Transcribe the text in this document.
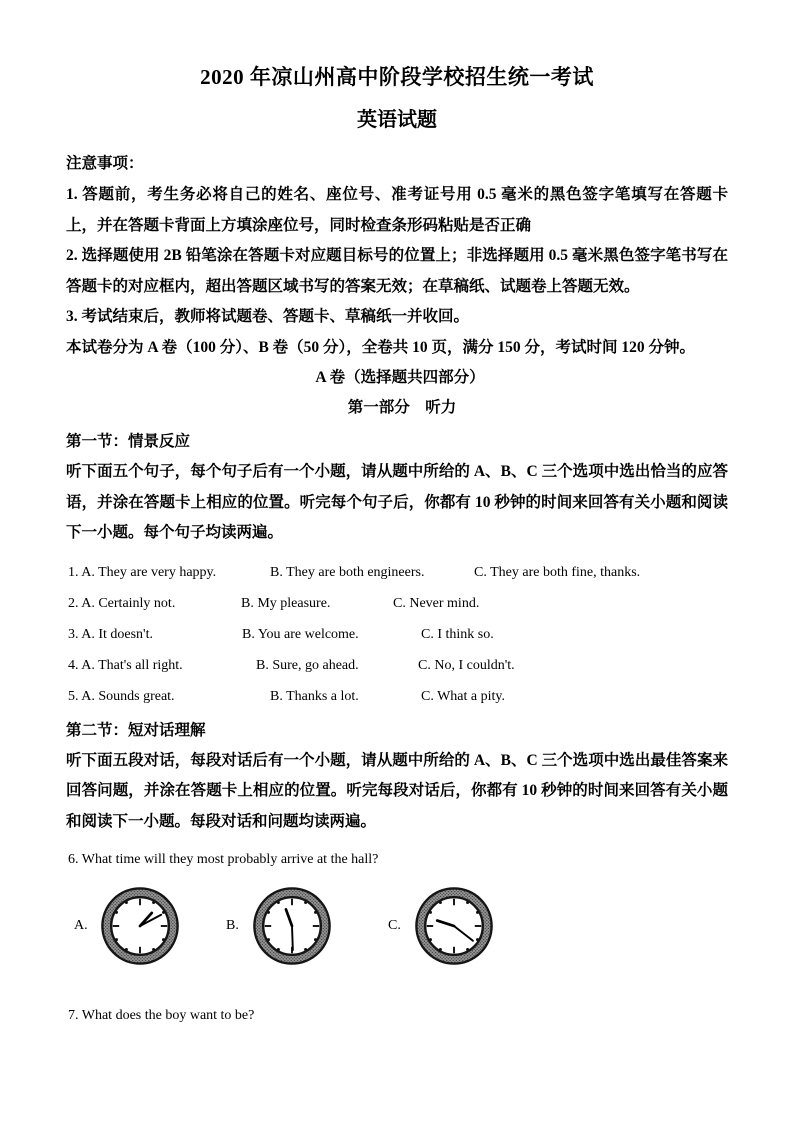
2020 年凉山州高中阶段学校招生统一考试
英语试题

注意事项：

1. 答题前，考生务必将自己的姓名、座位号、准考证号用 0.5 毫米的黑色签字笔填写在答题卡上，并在答题卡背面上方填涂座位号，同时检查条形码粘贴是否正确

2. 选择题使用 2B 铅笔涂在答题卡对应题目标号的位置上；非选择题用 0.5 毫米黑色签字笔书写在答题卡的对应框内，超出答题区域书写的答案无效；在草稿纸、试题卷上答题无效。

3. 考试结束后，教师将试题卷、答题卡、草稿纸一并收回。

本试卷分为 A 卷（100 分）、B 卷（50 分），全卷共 10 页，满分 150 分，考试时间 120 分钟。

A 卷（选择题共四部分）

第一部分　听力

第一节：情景反应

听下面五个句子，每个句子后有一个小题，请从题中所给的 A、B、C 三个选项中选出恰当的应答语，并涂在答题卡上相应的位置。听完每个句子后，你都有 10 秒钟的时间来回答有关小题和阅读下一小题。每个句子均读两遍。

1. A. They are very happy.	B. They are both engineers.	C. They are both fine, thanks.
2. A. Certainly not.	B. My pleasure.	C. Never mind.
3. A. It doesn't.	B. You are welcome.	C. I think so.
4. A. That's all right.	B. Sure, go ahead.	C. No, I couldn't.
5. A. Sounds great.	B. Thanks a lot.	C. What a pity.

第二节：短对话理解

听下面五段对话，每段对话后有一个小题，请从题中所给的 A、B、C 三个选项中选出最佳答案来回答问题，并涂在答题卡上相应的位置。听完每段对话后，你都有 10 秒钟的时间来回答有关小题和阅读下一小题。每段对话和问题均读两遍。

6. What time will they most probably arrive at the hall?

A.	B.	C.

7. What does the boy want to be?
